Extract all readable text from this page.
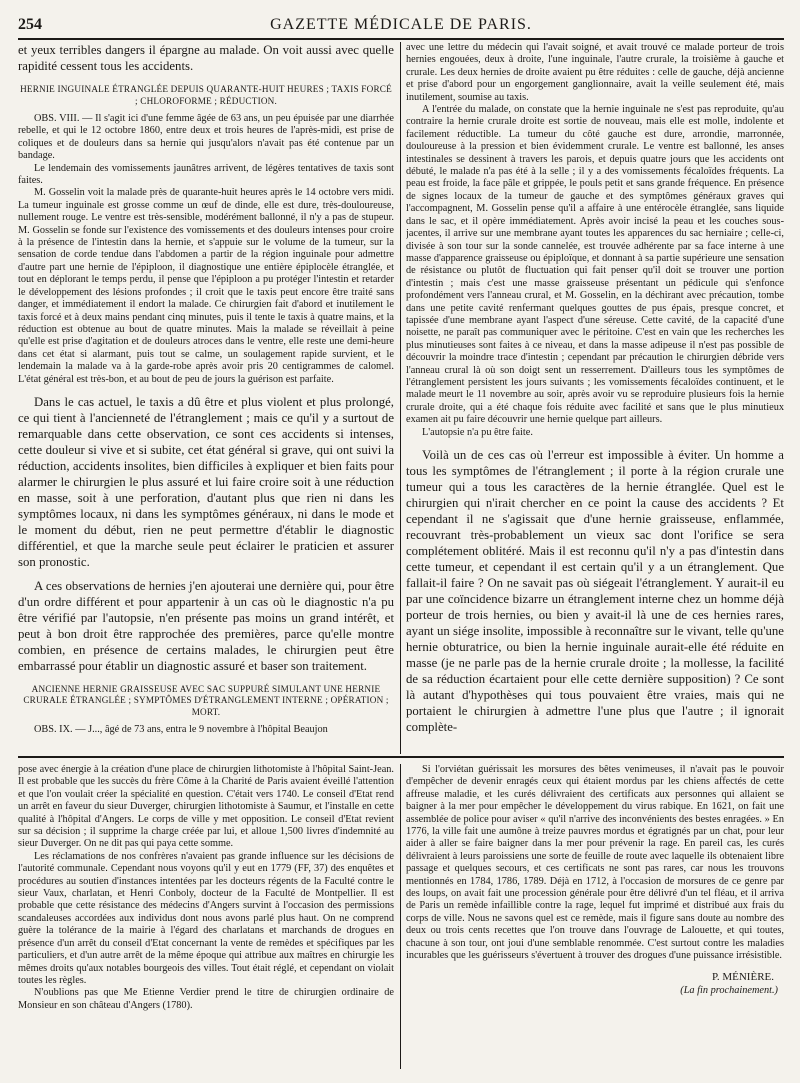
254	GAZETTE MÉDICALE DE PARIS.

et yeux terribles dangers il épargne au malade. On voit aussi avec quelle rapidité cessent tous les accidents.

HERNIE INGUINALE ÉTRANGLÉE DEPUIS QUARANTE-HUIT HEURES ; TAXIS FORCÉ ; CHLOROFORME ; RÉDUCTION.

OBS. VIII. — Il s'agit ici d'une femme âgée de 63 ans, un peu épuisée par une diarrhée rebelle, et qui le 12 octobre 1860, entre deux et trois heures de l'après-midi, est prise de coliques et de douleurs dans sa hernie qui jusqu'alors n'avait pas été contenue par un bandage.

Le lendemain des vomissements jaunâtres arrivent, de légères tentatives de taxis sont faites.

M. Gosselin voit la malade près de quarante-huit heures après le 14 octobre vers midi. La tumeur inguinale est grosse comme un œuf de dinde, elle est dure, très-douloureuse, nullement rouge. Le ventre est très-sensible, modérément ballonné, il n'y a pas de stupeur. M. Gosselin se fonde sur l'existence des vomissements et des douleurs intenses pour croire à la présence de l'intestin dans la hernie, et s'appuie sur le volume de la tumeur, sur la sensation de corde tendue dans l'abdomen a partir de la région inguinale pour admettre d'autre part une hernie de l'épiploon, il diagnostique une entière épiplocèle étranglée, et tout en déplorant le temps perdu, il pense que l'épiploon a pu protéger l'intestin et retarder le développement des lésions profondes ; il croit que le taxis peut encore être traité sans danger, et immédiatement il endort la malade. Ce chirurgien fait d'abord et inutilement le taxis forcé et à deux mains pendant cinq minutes, puis il tente le taxis à quatre mains, et la réduction est obtenue au bout de quatre minutes. Mais la malade se réveillait à peine qu'elle est prise d'agitation et de douleurs atroces dans le ventre, elle reste une demi-heure dans cet état si alarmant, puis tout se calme, un soulagement rapide survient, et le lendemain la malade va à la garde-robe après avoir pris 20 centigrammes de calomel. L'état général est très-bon, et au bout de peu de jours la guérison est parfaite.

Dans le cas actuel, le taxis a dû être et plus violent et plus prolongé, ce qui tient à l'ancienneté de l'étranglement ; mais ce qu'il y a surtout de remarquable dans cette observation, ce sont ces accidents si intenses, cette douleur si vive et si subite, cet état général si grave, qui ont suivi la réduction, accidents insolites, bien difficiles à expliquer et bien faits pour alarmer le chirurgien le plus assuré et lui faire croire soit à une réduction en masse, soit à une perforation, d'autant plus que rien ni dans les symptômes locaux, ni dans les symptômes généraux, ni dans le mode et le moment du début, rien ne peut permettre d'établir le diagnostic différentiel, et que la marche seule peut éclairer le praticien et assurer son pronostic.

A ces observations de hernies j'en ajouterai une dernière qui, pour être d'un ordre différent et pour appartenir à un cas où le diagnostic n'a pu être vérifié par l'autopsie, n'en présente pas moins un grand intérêt, et peut à bon droit être rapprochée des premières, parce qu'elle montre combien, en présence de certains malades, le chirurgien peut être embarrassé pour établir un diagnostic assuré et baser son traitement.

ANCIENNE HERNIE GRAISSEUSE AVEC SAC SUPPURÉ SIMULANT UNE HERNIE CRURALE ÉTRANGLÉE ; SYMPTÔMES D'ÉTRANGLEMENT INTERNE ; OPÉRATION ; MORT.

OBS. IX. — J..., âgé de 73 ans, entra le 9 novembre à l'hôpital Beaujon

avec une lettre du médecin qui l'avait soigné, et avait trouvé ce malade porteur de trois hernies engouées, deux à droite, l'une inguinale, l'autre crurale, la troisième à gauche et crurale. Les deux hernies de droite avaient pu être réduites : celle de gauche, déjà ancienne et prise d'abord pour un engorgement ganglionnaire, avait la veille seulement été, mais inutilement, soumise au taxis.

A l'entrée du malade, on constate que la hernie inguinale ne s'est pas reproduite, qu'au contraire la hernie crurale droite est sortie de nouveau, mais elle est molle, indolente et facilement réductible. La tumeur du côté gauche est dure, arrondie, marronnée, douloureuse à la pression et bien évidemment crurale. Le ventre est ballonné, les anses intestinales se dessinent à travers les parois, et depuis quatre jours que les accidents ont débuté, le malade n'a pas été à la selle ; il y a des vomissements fécaloïdes fréquents. La peau est froide, la face pâle et grippée, le pouls petit et sans grande fréquence. En présence de signes locaux de la tumeur de gauche et des symptômes généraux graves qui l'accompagnent, M. Gosselin pense qu'il a affaire à une entérocèle étranglée, sans liquide dans le sac, et il opère immédiatement. Après avoir incisé la peau et les couches sous-jacentes, il arrive sur une membrane ayant toutes les apparences du sac herniaire ; celle-ci, divisée à son tour sur la sonde cannelée, est trouvée adhérente par sa face interne à une masse d'apparence graisseuse ou épiploïque, et donnant à sa partie supérieure une sensation de résistance ou plutôt de fluctuation qui fait penser qu'il doit se trouver une portion d'intestin ; mais c'est une masse graisseuse présentant un pédicule qui s'enfonce profondément vers l'anneau crural, et M. Gosselin, en la déchirant avec précaution, tombe dans une petite cavité renfermant quelques gouttes de pus épais, presque concret, et tapissée d'une membrane ayant l'aspect d'une séreuse. Cette cavité, de la capacité d'une noisette, ne paraît pas communiquer avec le péritoine. C'est en vain que les recherches les plus minutieuses sont faites à ce niveau, et dans la masse adipeuse il n'est pas possible de découvrir la moindre trace d'intestin ; cependant par précaution le chirurgien débride vers l'anneau crural là où son doigt sent un resserrement. D'ailleurs tous les symptômes de l'étranglement persistent les jours suivants ; les vomissements fécaloïdes continuent, et le malade meurt le 11 novembre au soir, après avoir vu se reproduire plusieurs fois la hernie crurale droite, qui a été chaque fois réduite avec facilité et sans que le plus minutieux examen ait pu faire découvrir une hernie quelque part ailleurs.

L'autopsie n'a pu être faite.

Voilà un de ces cas où l'erreur est impossible à éviter. Un homme a tous les symptômes de l'étranglement ; il porte à la région crurale une tumeur qui a tous les caractères de la hernie étranglée. Quel est le chirurgien qui n'irait chercher en ce point la cause des accidents ? Et cependant il ne s'agissait que d'une hernie graisseuse, enflammée, recouvrant très-probablement un vieux sac dont l'orifice se sera complétement oblitéré. Mais il est reconnu qu'il n'y a pas d'intestin dans cette tumeur, et cependant il est certain qu'il y a un étranglement. Que fallait-il faire ? On ne savait pas où siégeait l'étranglement. Y aurait-il eu par une coïncidence bizarre un étranglement interne chez un homme déjà porteur de trois hernies, ou bien y avait-il là une de ces hernies rares, ayant un siége insolite, impossible à reconnaître sur le vivant, telle qu'une hernie obturatrice, ou bien la hernie inguinale aurait-elle été réduite en masse (je ne parle pas de la hernie crurale droite ; la mollesse, la facilité de sa réduction écartaient pour elle cette dernière supposition) ? Ce sont là autant d'hypothèses qui tous pouvaient être vraies, mais qui ne portaient le chirurgien à admettre l'une plus que l'autre ; il ignorait complète-

pose avec énergie à la création d'une place de chirurgien lithotomiste à l'hôpital Saint-Jean. Il est probable que les succès du frère Côme à la Charité de Paris avaient éveillé l'attention et que l'on voulait créer la spécialité en question. C'était vers 1740. Le conseil d'Etat rend un arrêt en faveur du sieur Duverger, chirurgien lithotomiste à Saumur, et l'installe en cette qualité à l'hôpital d'Angers. Le corps de ville y met opposition. Le conseil d'Etat revient sur sa décision ; il supprime la charge créée par lui, et alloue 1,500 livres d'indemnité au sieur Duverger. On ne dit pas qui paya cette somme.

Les réclamations de nos confrères n'avaient pas grande influence sur les décisions de l'autorité communale. Cependant nous voyons qu'il y eut en 1779 (FF, 37) des enquêtes et procédures au soutien d'instances intentées par les docteurs régents de la Faculté contre le sieur Vaux, charlatan, et Henri Conboly, docteur de la Faculté de Montpellier. Il est probable que cette résistance des médecins d'Angers survint à l'occasion des permissions scandaleuses accordées aux individus dont nous avons parlé plus haut. On ne comprend guère la tolérance de la mairie à l'égard des charlatans et marchands de drogues en présence d'un arrêt du conseil d'Etat concernant la vente de remèdes et spécifiques par les particuliers, et d'un autre arrêt de la même époque qui attribue aux maîtres en chirurgie les mêmes droits qu'aux notables bourgeois des villes. Tout était réglé, et cependant on violait toutes les règles.

N'oublions pas que Me Etienne Verdier prend le titre de chirurgien ordinaire de Monsieur en son château d'Angers (1780).

Si l'orviétan guérissait les morsures des bêtes venimeuses, il n'avait pas le pouvoir d'empêcher de devenir enragés ceux qui étaient mordus par les chiens affectés de cette affreuse maladie, et les curés délivraient des certificats aux personnes qui allaient se baigner à la mer pour empêcher le développement du virus rabique. En 1621, on fait une assemblée de police pour aviser « qu'il n'arrive des inconvénients des bestes enragées. » En 1776, la ville fait une aumône à treize pauvres mordus et égratignés par un chat, pour leur aider à aller se faire baigner dans la mer pour prévenir la rage. En pareil cas, les curés délivraient à leurs paroissiens une sorte de feuille de route avec laquelle ils obtenaient libre passage et quelques secours, et ces certificats ne sont pas rares, car nous les trouvons mentionnés en 1784, 1786, 1789. Déjà en 1712, à l'occasion de morsures de ce genre par des loups, on avait fait une procession générale pour être délivré d'un tel fléau, et il arriva de Paris un remède infaillible contre la rage, lequel fut imprimé et distribué aux frais du corps de ville. Nous ne savons quel est ce remède, mais il figure sans doute au nombre des deux ou trois cents recettes que l'on trouve dans l'ouvrage de Lalouette, et qui toutes, chacune à son tour, ont joui d'une semblable renommée. C'est surtout contre les maladies incurables que les guérisseurs s'évertuent à trouver des drogues d'une puissance irrésistible.

P. MÉNIÈRE.
(La fin prochainement.)
